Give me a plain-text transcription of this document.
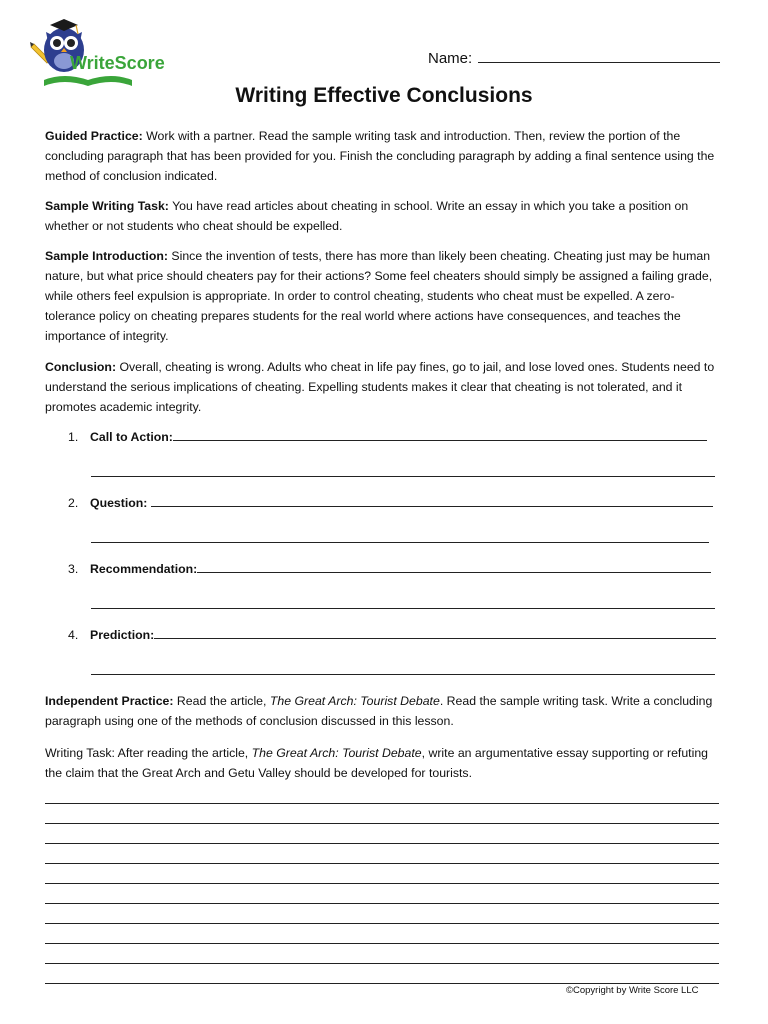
WriteScore	Name:
Writing Effective Conclusions
Guided Practice: Work with a partner. Read the sample writing task and introduction. Then, review the portion of the concluding paragraph that has been provided for you. Finish the concluding paragraph by adding a final sentence using the method of conclusion indicated.
Sample Writing Task: You have read articles about cheating in school. Write an essay in which you take a position on whether or not students who cheat should be expelled.
Sample Introduction: Since the invention of tests, there has more than likely been cheating. Cheating just may be human nature, but what price should cheaters pay for their actions? Some feel cheaters should simply be assigned a failing grade, while others feel expulsion is appropriate. In order to control cheating, students who cheat must be expelled. A zero-tolerance policy on cheating prepares students for the real world where actions have consequences, and teaches the importance of integrity.
Conclusion: Overall, cheating is wrong. Adults who cheat in life pay fines, go to jail, and lose loved ones. Students need to understand the serious implications of cheating. Expelling students makes it clear that cheating is not tolerated, and it promotes academic integrity.
1. Call to Action:
2. Question:
3. Recommendation:
4. Prediction:
Independent Practice: Read the article, The Great Arch: Tourist Debate. Read the sample writing task. Write a concluding paragraph using one of the methods of conclusion discussed in this lesson.
Writing Task: After reading the article, The Great Arch: Tourist Debate, write an argumentative essay supporting or refuting the claim that the Great Arch and Getu Valley should be developed for tourists.
©Copyright by Write Score LLC
